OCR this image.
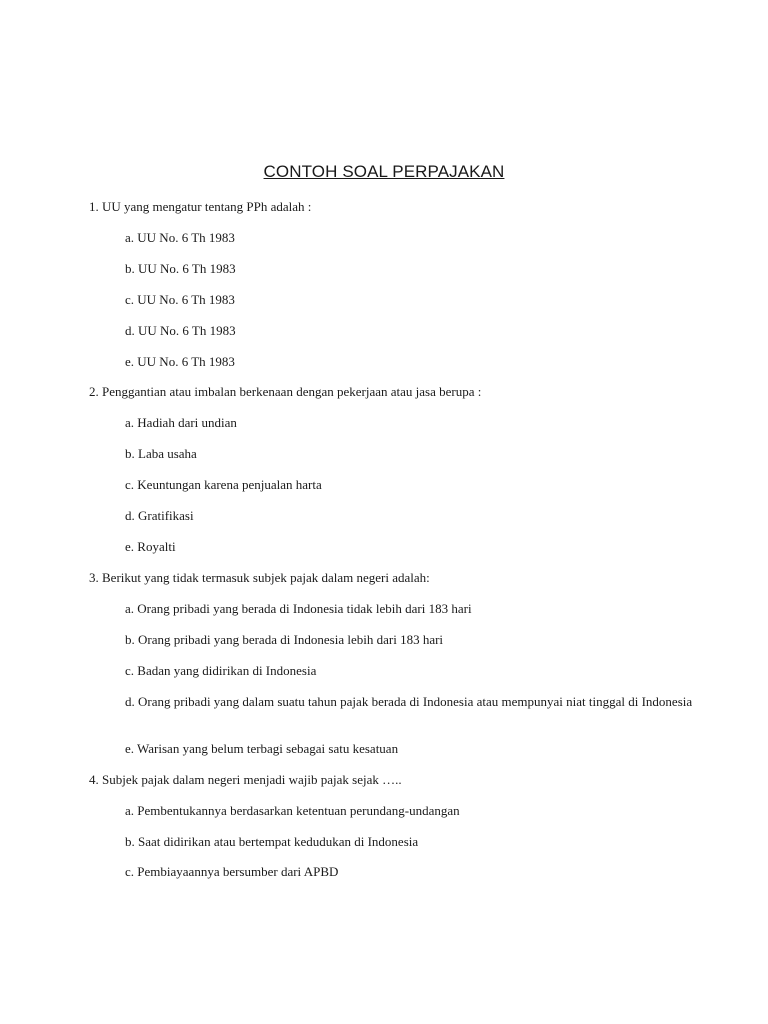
CONTOH SOAL PERPAJAKAN
1. UU yang mengatur tentang PPh adalah :
a. UU No. 6 Th 1983
b. UU No. 6 Th 1983
c. UU No. 6 Th 1983
d. UU No. 6 Th 1983
e. UU No. 6 Th 1983
2. Penggantian atau imbalan berkenaan dengan pekerjaan atau jasa berupa :
a. Hadiah dari undian
b. Laba usaha
c. Keuntungan karena penjualan harta
d. Gratifikasi
e. Royalti
3. Berikut yang tidak termasuk subjek pajak dalam negeri adalah:
a. Orang pribadi yang berada di Indonesia tidak lebih dari 183 hari
b. Orang pribadi yang berada di Indonesia lebih dari 183 hari
c. Badan yang didirikan di Indonesia
d. Orang pribadi yang dalam suatu tahun pajak berada di Indonesia atau mempunyai niat tinggal di Indonesia
e. Warisan yang belum terbagi sebagai satu kesatuan
4. Subjek pajak dalam negeri menjadi wajib pajak sejak …..
a. Pembentukannya berdasarkan ketentuan perundang-undangan
b. Saat didirikan atau bertempat kedudukan di Indonesia
c. Pembiayaannya bersumber dari APBD
